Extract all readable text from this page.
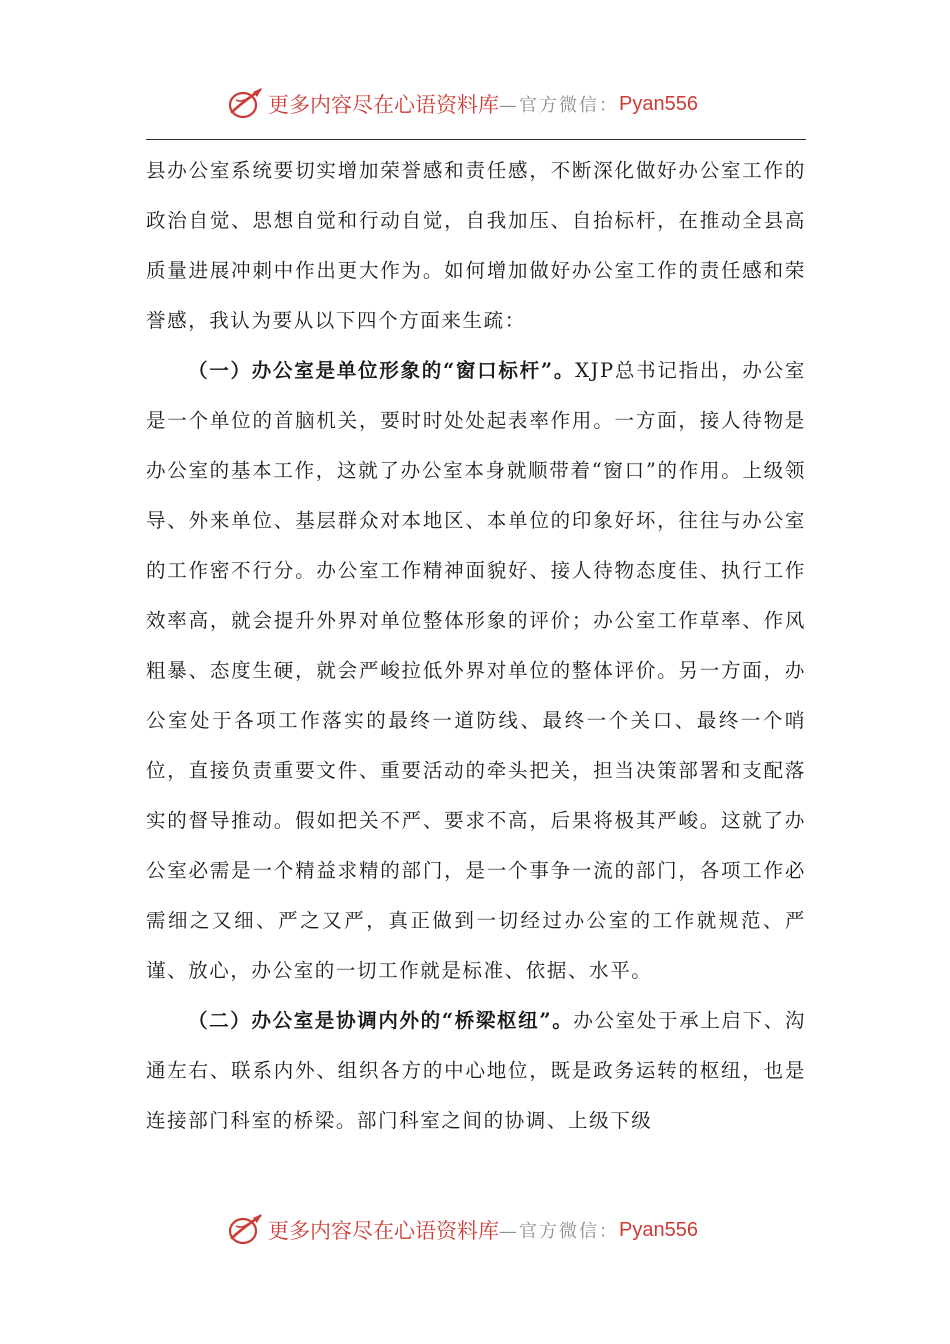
更多内容尽在心语资料库 —官方微信： Pyan556

县办公室系统要切实增加荣誉感和责任感，不断深化做好办公室工作的政治自觉、思想自觉和行动自觉，自我加压、自抬标杆，在推动全县高质量进展冲刺中作出更大作为。如何增加做好办公室工作的责任感和荣誉感，我认为要从以下四个方面来生疏：

（一）办公室是单位形象的“窗口标杆”。XJP总书记指出，办公室是一个单位的首脑机关，要时时处处起表率作用。一方面，接人待物是办公室的基本工作，这就了办公室本身就顺带着“窗口”的作用。上级领导、外来单位、基层群众对本地区、本单位的印象好坏，往往与办公室的工作密不行分。办公室工作精神面貌好、接人待物态度佳、执行工作效率高，就会提升外界对单位整体形象的评价；办公室工作草率、作风粗暴、态度生硬，就会严峻拉低外界对单位的整体评价。另一方面，办公室处于各项工作落实的最终一道防线、最终一个关口、最终一个哨位，直接负责重要文件、重要活动的牵头把关，担当决策部署和支配落实的督导推动。假如把关不严、要求不高，后果将极其严峻。这就了办公室必需是一个精益求精的部门，是一个事争一流的部门，各项工作必需细之又细、严之又严，真正做到一切经过办公室的工作就规范、严谨、放心，办公室的一切工作就是标准、依据、水平。

（二）办公室是协调内外的“桥梁枢纽”。办公室处于承上启下、沟通左右、联系内外、组织各方的中心地位，既是政务运转的枢纽，也是连接部门科室的桥梁。部门科室之间的协调、上级下级

更多内容尽在心语资料库 —官方微信： Pyan556
